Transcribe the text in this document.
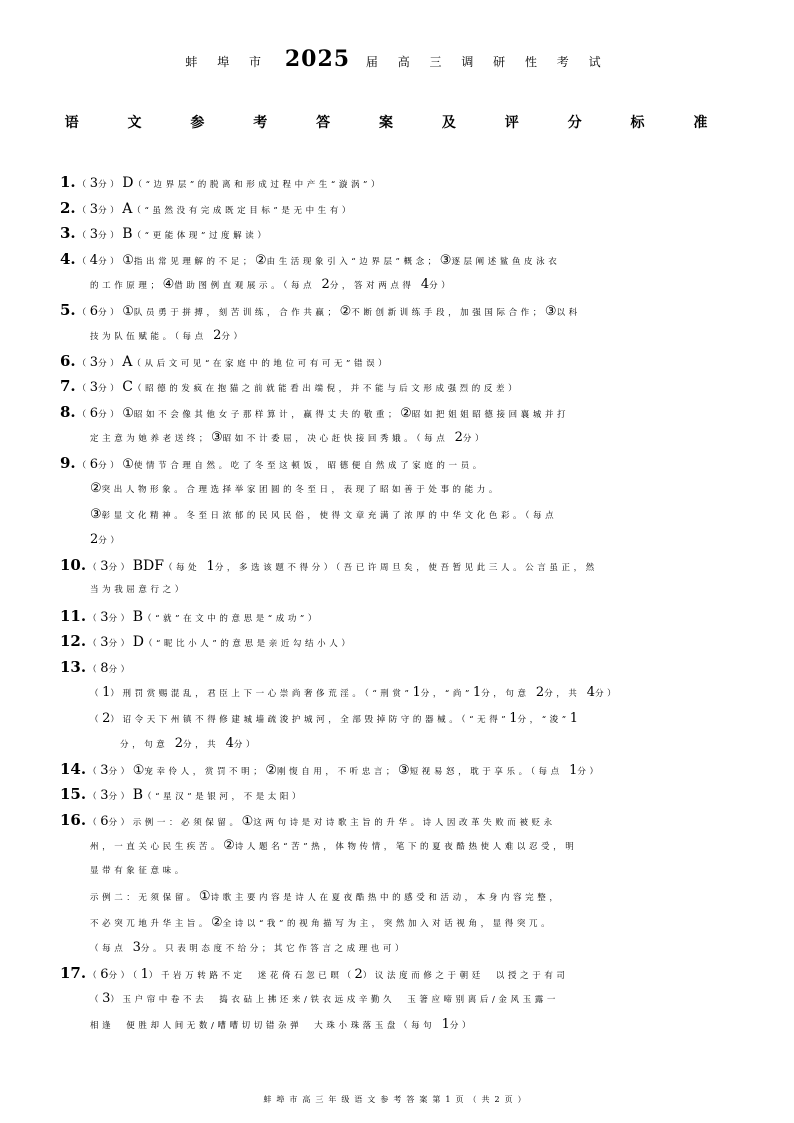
蚌 埠 市 2025 届 高 三 调 研 性 考 试
语 文 参 考 答 案 及 评 分 标 准
1. （3分）D（“边界层”的脱离和形成过程中产生“漩涡”）
2. （3分）A（“虽然没有完成既定目标”是无中生有）
3. （3分）B（“更能体现”过度解读）
4. （4分）①指出常见理解的不足；②由生活现象引入“边界层”概念；③逐层阐述鲨鱼皮泳衣
的工作原理；④借助图例直观展示。（每点 2分，答对两点得 4分）
5. （6分）①队员勇于拼搏，刻苦训练，合作共赢；②不断创新训练手段，加强国际合作；③以科
技为队伍赋能。（每点 2分）
6. （3分）A（从后文可见“在家庭中的地位可有可无”错误）
7. （3分）C（昭德的发疯在抱猫之前就能看出端倪，并不能与后文形成强烈的反差）
8. （6分）①昭如不会像其他女子那样算计，赢得丈夫的敬重；②昭如把姐姐昭德接回襄城并打
定主意为她养老送终；③昭如不计委屈，决心赶快接回秀娥。（每点 2分）
9. （6分）①使情节合理自然。吃了冬至这顿饭，昭德便自然成了家庭的一员。
②突出人物形象。合理选择举家团圆的冬至日，表现了昭如善于处事的能力。
③彰显文化精神。冬至日浓郁的民风民俗，使得文章充满了浓厚的中华文化色彩。（每点
2分）
10. （3分）BDF（每处 1分，多选该题不得分）（吾已许周旦矣，使吾暂见此三人。公言虽正，然
当为我屈意行之）
11. （3分）B（“就”在文中的意思是“成功”）
12. （3分）D（“昵比小人”的意思是亲近勾结小人）
13. （8分）
（1）刑罚赏赐混乱，君臣上下一心崇尚奢侈荒淫。（“刑赏”1分，“尚”1分，句意 2分，共 4分）
（2）诏令天下州镇不得修建城墙疏浚护城河，全部毁掉防守的器械。（“无得”1分，“浚”1
分，句意 2分，共 4分）
14. （3分）①宠幸伶人，赏罚不明；②刚愎自用，不听忠言；③短视易怒，耽于享乐。（每点 1分）
15. （3分）B（“星汉”是银河，不是太阳）
16. （6分）示例一：必须保留。①这两句诗是对诗歌主旨的升华。诗人因改革失败而被贬永
州，一直关心民生疾苦。②诗人题名“苦”热，体物传情，笔下的夏夜酷热使人难以忍受，明
显带有象征意味。
示例二：无须保留。①诗歌主要内容是诗人在夏夜酷热中的感受和活动，本身内容完整，
不必突兀地升华主旨。②全诗以“我”的视角描写为主，突然加入对话视角，显得突兀。
（每点 3分。只表明态度不给分；其它作答言之成理也可）
17. （6分）（1）千岩万转路不定　迷花倚石忽已暝（2）议法度而修之于朝廷　以授之于有司
（3）玉户帘中卷不去　捣衣砧上拂还来/铁衣远戍辛勤久　玉箸应啼别离后/金风玉露一
相逢　便胜却人间无数/嘈嘈切切错杂弹　大珠小珠落玉盘（每句 1分）
蚌埠市高三年级语文参考答案第1页（共2页）
